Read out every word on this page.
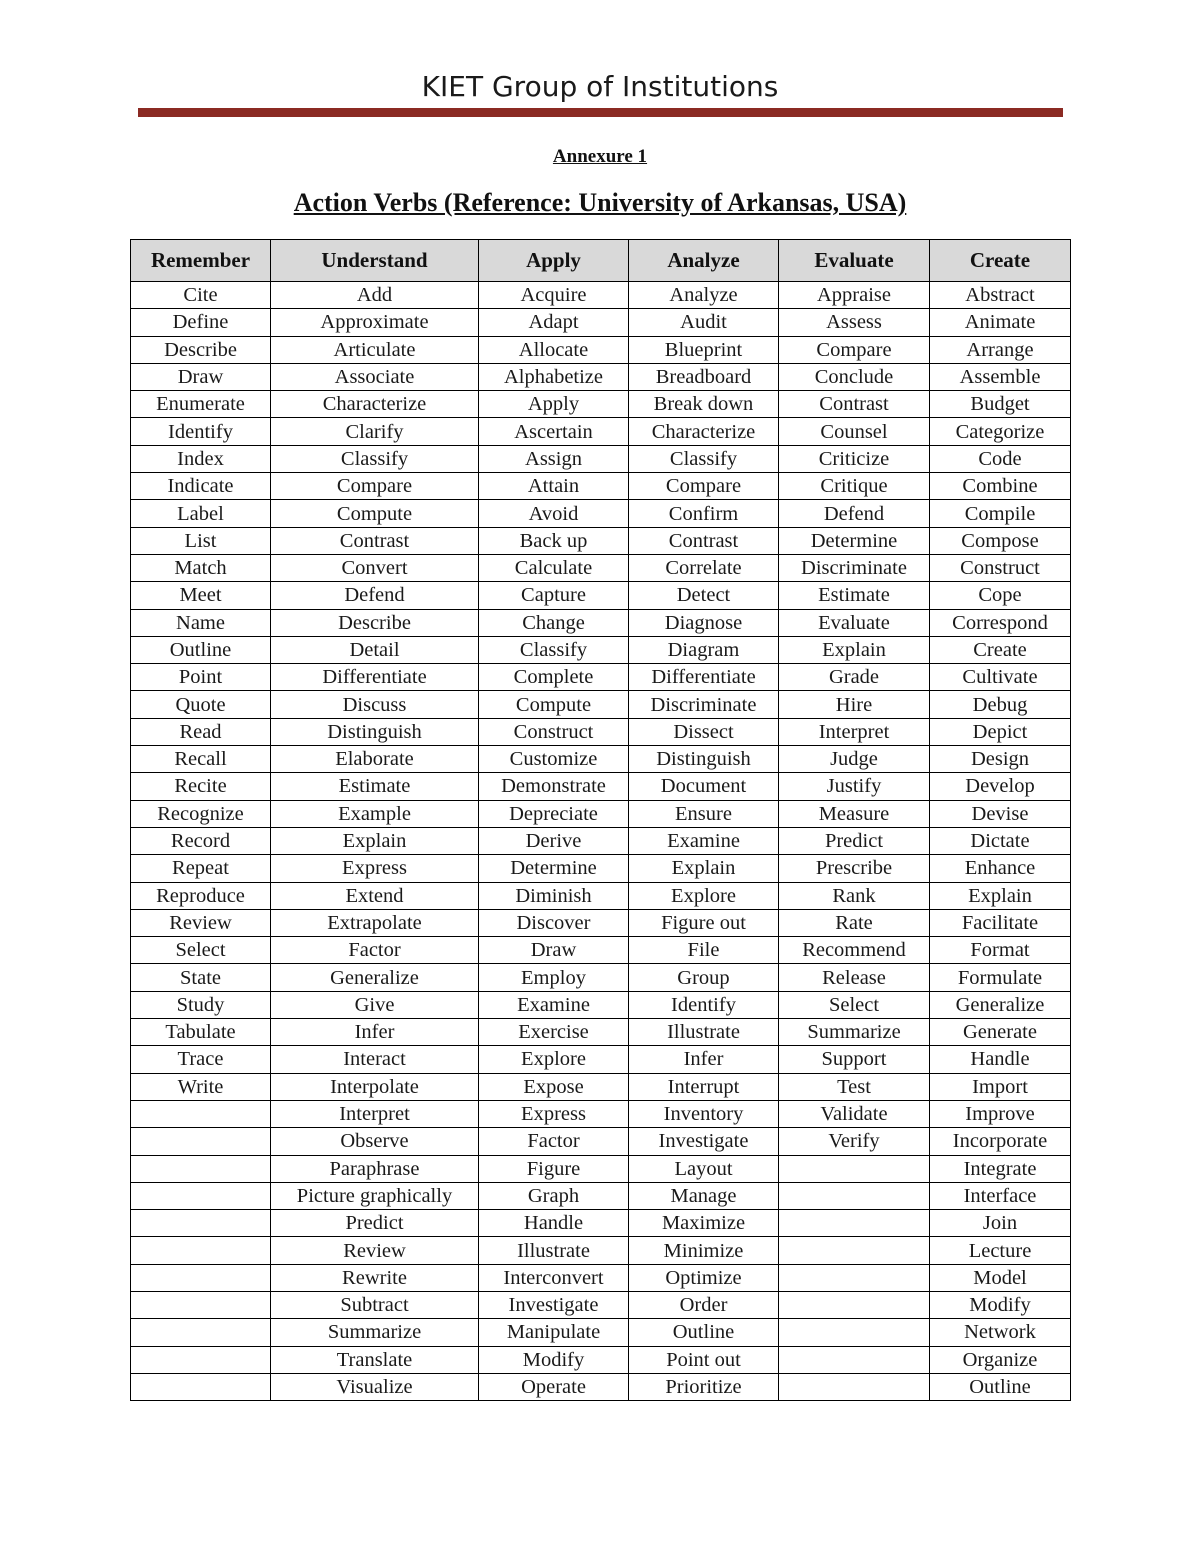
KIET Group of Institutions
Annexure 1
Action Verbs (Reference: University of Arkansas, USA)
Remember	Understand	Apply	Analyze	Evaluate	Create
Cite	Add	Acquire	Analyze	Appraise	Abstract
Define	Approximate	Adapt	Audit	Assess	Animate
Describe	Articulate	Allocate	Blueprint	Compare	Arrange
Draw	Associate	Alphabetize	Breadboard	Conclude	Assemble
Enumerate	Characterize	Apply	Break down	Contrast	Budget
Identify	Clarify	Ascertain	Characterize	Counsel	Categorize
Index	Classify	Assign	Classify	Criticize	Code
Indicate	Compare	Attain	Compare	Critique	Combine
Label	Compute	Avoid	Confirm	Defend	Compile
List	Contrast	Back up	Contrast	Determine	Compose
Match	Convert	Calculate	Correlate	Discriminate	Construct
Meet	Defend	Capture	Detect	Estimate	Cope
Name	Describe	Change	Diagnose	Evaluate	Correspond
Outline	Detail	Classify	Diagram	Explain	Create
Point	Differentiate	Complete	Differentiate	Grade	Cultivate
Quote	Discuss	Compute	Discriminate	Hire	Debug
Read	Distinguish	Construct	Dissect	Interpret	Depict
Recall	Elaborate	Customize	Distinguish	Judge	Design
Recite	Estimate	Demonstrate	Document	Justify	Develop
Recognize	Example	Depreciate	Ensure	Measure	Devise
Record	Explain	Derive	Examine	Predict	Dictate
Repeat	Express	Determine	Explain	Prescribe	Enhance
Reproduce	Extend	Diminish	Explore	Rank	Explain
Review	Extrapolate	Discover	Figure out	Rate	Facilitate
Select	Factor	Draw	File	Recommend	Format
State	Generalize	Employ	Group	Release	Formulate
Study	Give	Examine	Identify	Select	Generalize
Tabulate	Infer	Exercise	Illustrate	Summarize	Generate
Trace	Interact	Explore	Infer	Support	Handle
Write	Interpolate	Expose	Interrupt	Test	Import
	Interpret	Express	Inventory	Validate	Improve
	Observe	Factor	Investigate	Verify	Incorporate
	Paraphrase	Figure	Layout		Integrate
	Picture graphically	Graph	Manage		Interface
	Predict	Handle	Maximize		Join
	Review	Illustrate	Minimize		Lecture
	Rewrite	Interconvert	Optimize		Model
	Subtract	Investigate	Order		Modify
	Summarize	Manipulate	Outline		Network
	Translate	Modify	Point out		Organize
	Visualize	Operate	Prioritize		Outline
